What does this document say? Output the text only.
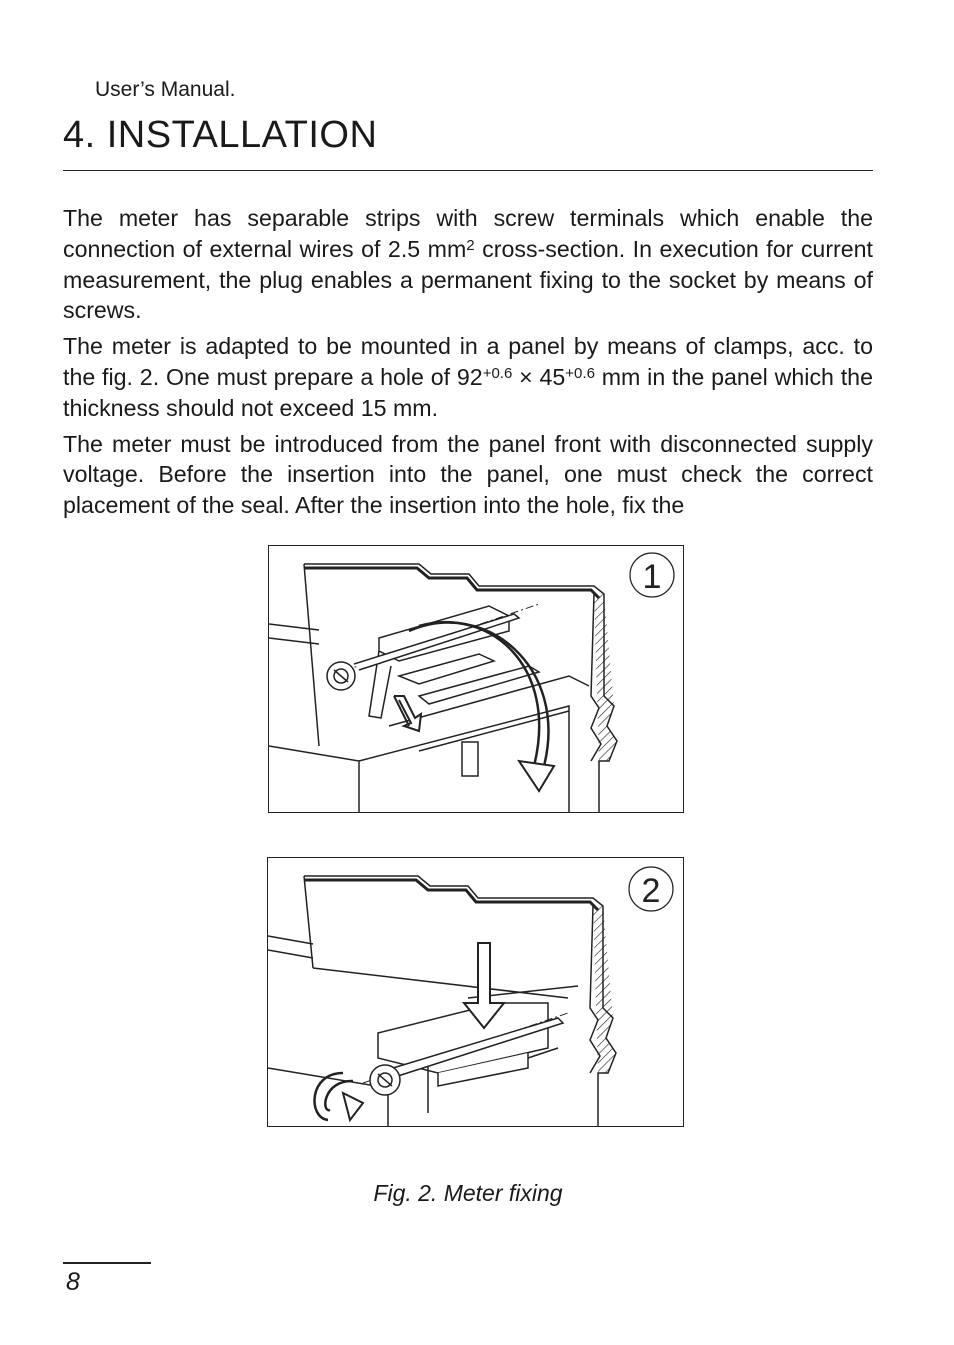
User’s Manual.
4. INSTALLATION

The meter has separable strips with screw terminals which enable the connection of external wires of 2.5 $mm^2$ cross-section. In execution for current measurement, the plug enables a permanent fixing to the socket by means of screws.

The meter is adapted to be mounted in a panel by means of clamps, acc. to the fig. 2. One must prepare a hole of $92^{+0.6} \times 45^{+0.6}$ mm in the panel which the thickness should not exceed 15 mm.

The meter must be introduced from the panel front with disconnected supply voltage. Before the insertion into the panel, one must check the correct placement of the seal. After the insertion into the hole, fix the

1
2
Fig. 2. Meter fixing
8
